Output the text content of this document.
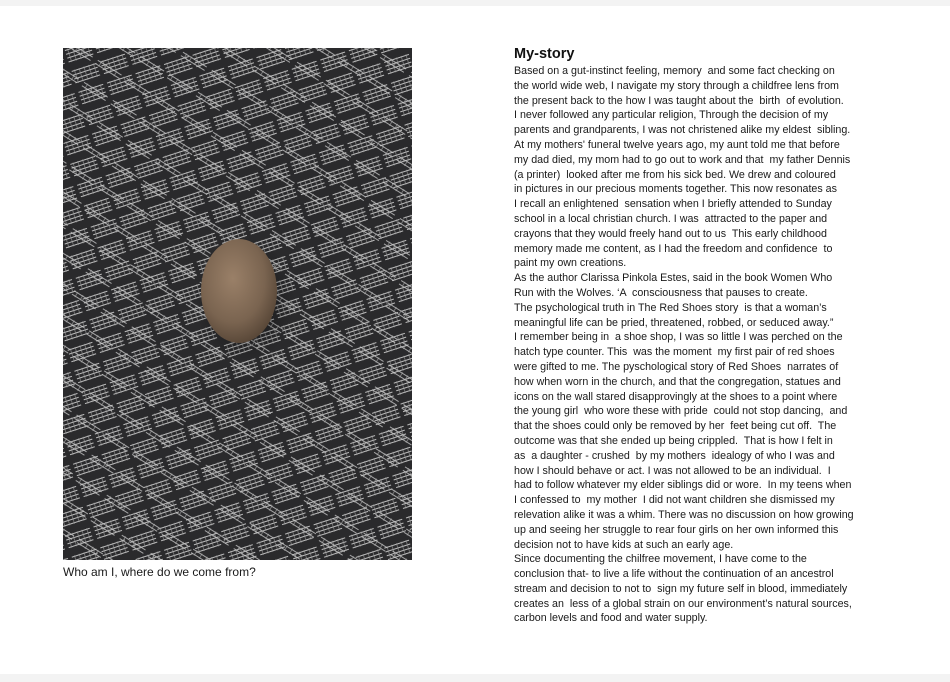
Who am I, where do we come from?
My-story

Based on a gut-instinct feeling, memory  and some fact checking on

the world wide web, I navigate my story through a childfree lens from

the present back to the how I was taught about the  birth  of evolution.

I never followed any particular religion, Through the decision of my

parents and grandparents, I was not christened alike my eldest  sibling.

At my mothers' funeral twelve years ago, my aunt told me that before

my dad died, my mom had to go out to work and that  my father Dennis

(a printer)  looked after me from his sick bed. We drew and coloured

in pictures in our precious moments together. This now resonates as

I recall an enlightened  sensation when I briefly attended to Sunday

school in a local christian church. I was  attracted to the paper and

crayons that they would freely hand out to us  This early childhood

memory made me content, as I had the freedom and confidence  to

paint my own creations.

As the author Clarissa Pinkola Estes, said in the book Women Who

Run with the Wolves. ‘A  consciousness that pauses to create.

The psychological truth in The Red Shoes story  is that a woman’s

meaningful life can be pried, threatened, robbed, or seduced away.”

I remember being in  a shoe shop, I was so little I was perched on the

hatch type counter. This  was the moment  my first pair of red shoes

were gifted to me. The pyschological story of Red Shoes  narrates of

how when worn in the church, and that the congregation, statues and

icons on the wall stared disapprovingly at the shoes to a point where

the young girl  who wore these with pride  could not stop dancing,  and

that the shoes could only be removed by her  feet being cut off.  The

outcome was that she ended up being crippled.  That is how I felt in

as  a daughter - crushed  by my mothers  idealogy of who I was and

how I should behave or act. I was not allowed to be an individual.  I

had to follow whatever my elder siblings did or wore.  In my teens when

I confessed to  my mother  I did not want children she dismissed my

relevation alike it was a whim. There was no discussion on how growing

up and seeing her struggle to rear four girls on her own informed this

decision not to have kids at such an early age.

Since documenting the chilfree movement, I have come to the

conclusion that- to live a life without the continuation of an ancestrol

stream and decision to not to  sign my future self in blood, immediately

creates an  less of a global strain on our environment’s natural sources,

carbon levels and food and water supply.
